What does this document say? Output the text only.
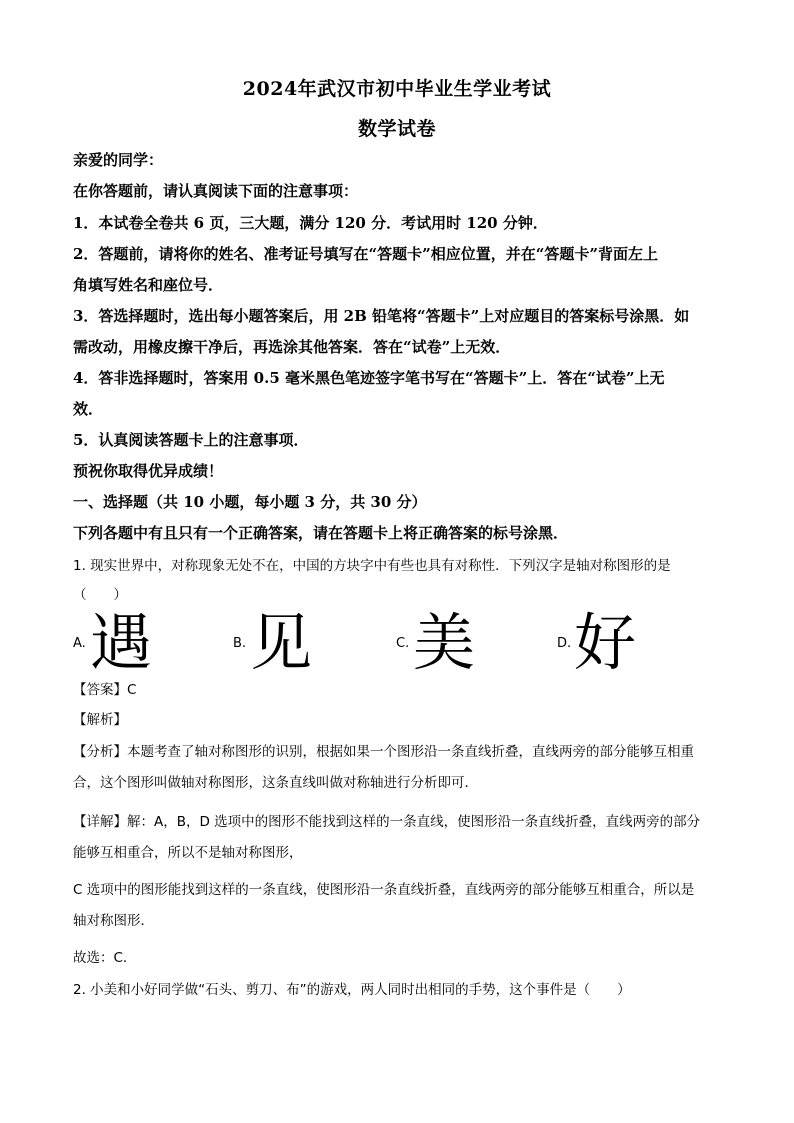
2024年武汉市初中毕业生学业考试
数学试卷
亲爱的同学：
在你答题前，请认真阅读下面的注意事项：
1．本试卷全卷共 6 页，三大题，满分 120 分．考试用时 120 分钟．
2．答题前，请将你的姓名、准考证号填写在“答题卡”相应位置，并在“答题卡”背面左上
角填写姓名和座位号．
3．答选择题时，选出每小题答案后，用 2B 铅笔将“答题卡”上对应题目的答案标号涂黑．如
需改动，用橡皮擦干净后，再选涂其他答案．答在“试卷”上无效．
4．答非选择题时，答案用 0.5 毫米黑色笔迹签字笔书写在“答题卡”上．答在“试卷”上无
效．
5．认真阅读答题卡上的注意事项．
预祝你取得优异成绩！
一、选择题（共 10 小题，每小题 3 分，共 30 分）
下列各题中有且只有一个正确答案，请在答题卡上将正确答案的标号涂黑．
1. 现实世界中，对称现象无处不在，中国的方块字中有些也具有对称性．下列汉字是轴对称图形的是
（　　）
A. 遇	B. 见	C. 美	D. 好
【答案】C
【解析】
【分析】本题考查了轴对称图形的识别，根据如果一个图形沿一条直线折叠，直线两旁的部分能够互相重
合，这个图形叫做轴对称图形，这条直线叫做对称轴进行分析即可．
【详解】解：A，B，D 选项中的图形不能找到这样的一条直线，使图形沿一条直线折叠，直线两旁的部分
能够互相重合，所以不是轴对称图形，
C 选项中的图形能找到这样的一条直线，使图形沿一条直线折叠，直线两旁的部分能够互相重合，所以是
轴对称图形．
故选：C．
2. 小美和小好同学做“石头、剪刀、布”的游戏，两人同时出相同的手势，这个事件是（　　）
